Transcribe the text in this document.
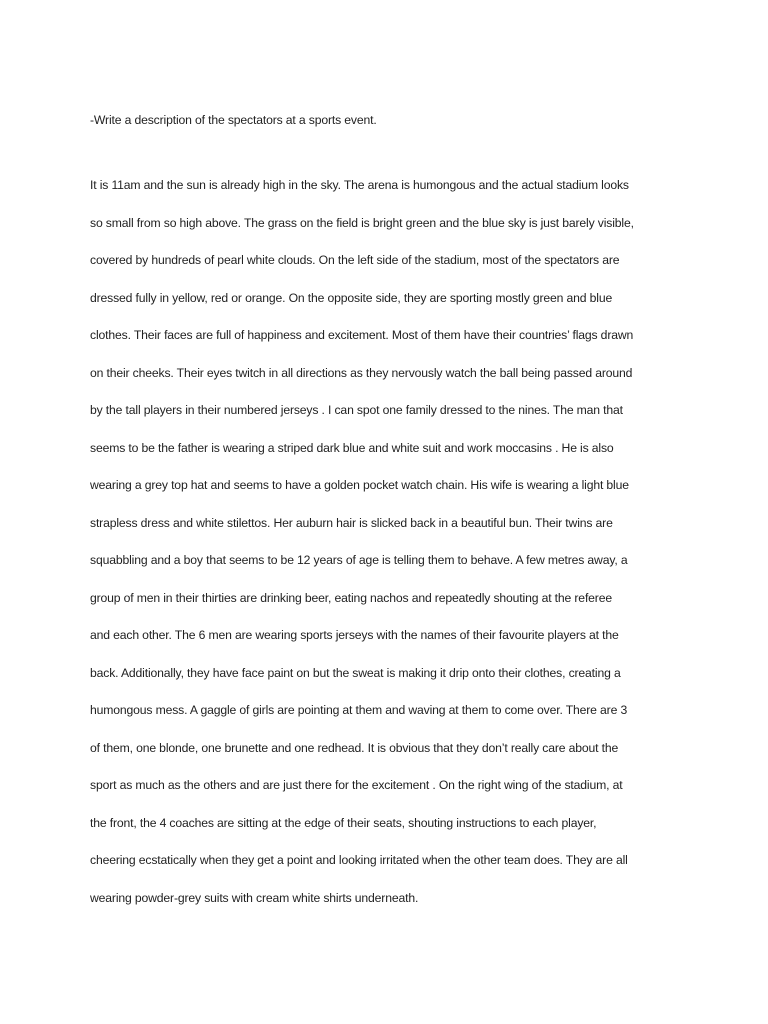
-Write a description of the spectators at a sports event.

It is 11am and the sun is already high in the sky. The arena is humongous and the actual stadium looks

so small from so high above. The grass on the field is bright green and the blue sky is just barely visible,

covered by hundreds of pearl white clouds. On the left side of the stadium, most of the spectators are

dressed fully in yellow, red or orange. On the opposite side, they are sporting mostly green and blue

clothes. Their faces are full of happiness and excitement. Most of them have their countries’ flags drawn

on their cheeks. Their eyes twitch in all directions as they nervously watch the ball being passed around

by the tall players in their numbered jerseys . I can spot one family dressed to the nines. The man that

seems to be the father is wearing a striped dark blue and white suit and work moccasins . He is also

wearing a grey top hat and seems to have a golden pocket watch chain. His wife is wearing a light blue

strapless dress and white stilettos. Her auburn hair is slicked back in a beautiful bun. Their twins are

squabbling and a boy that seems to be 12 years of age is telling them to behave. A few metres away, a

group of men in their thirties are drinking beer, eating nachos and repeatedly shouting at the referee

and each other. The 6 men are wearing sports jerseys with the names of their favourite players at the

back. Additionally, they have face paint on but the sweat is making it drip onto their clothes, creating a

humongous mess. A gaggle of girls are pointing at them and waving at them to come over. There are 3

of them, one blonde, one brunette and one redhead. It is obvious that they don’t really care about the

sport as much as the others and are just there for the excitement . On the right wing of the stadium, at

the front, the 4 coaches are sitting at the edge of their seats, shouting instructions to each player,

cheering ecstatically when they get a point and looking irritated when the other team does. They are all

wearing powder-grey suits with cream white shirts underneath.
